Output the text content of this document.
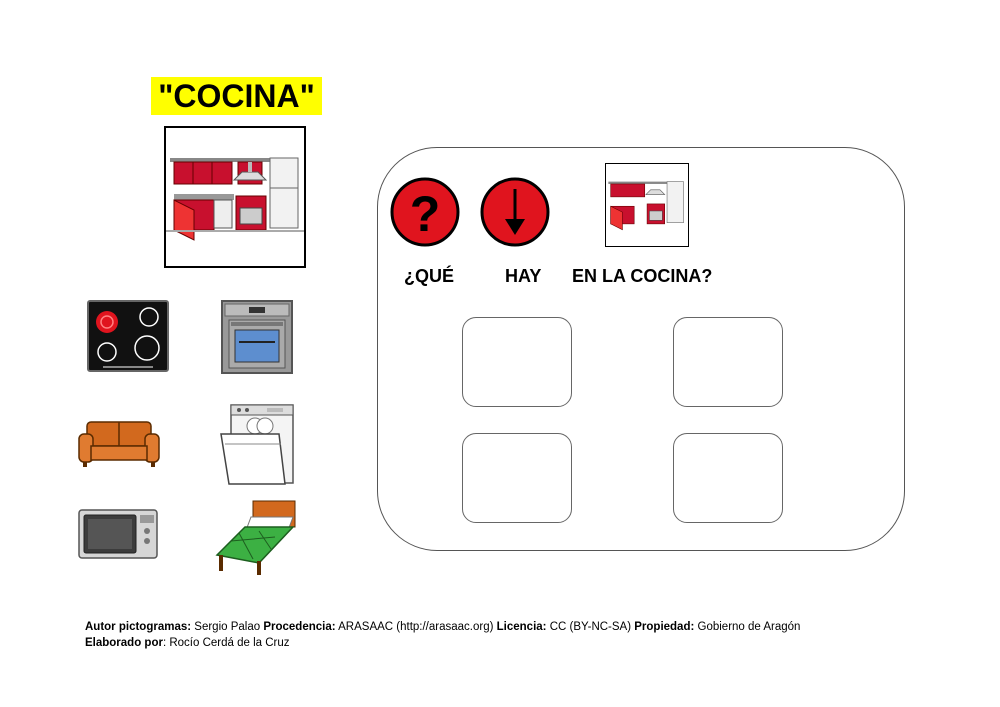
"COCINA"
?
¿QUÉ	HAY EN LA COCINA?
Autor pictogramas: Sergio Palao Procedencia: ARASAAC (http://arasaac.org) Licencia: CC (BY-NC-SA) Propiedad: Gobierno de Aragón
Elaborado por: Rocío Cerdá de la Cruz
